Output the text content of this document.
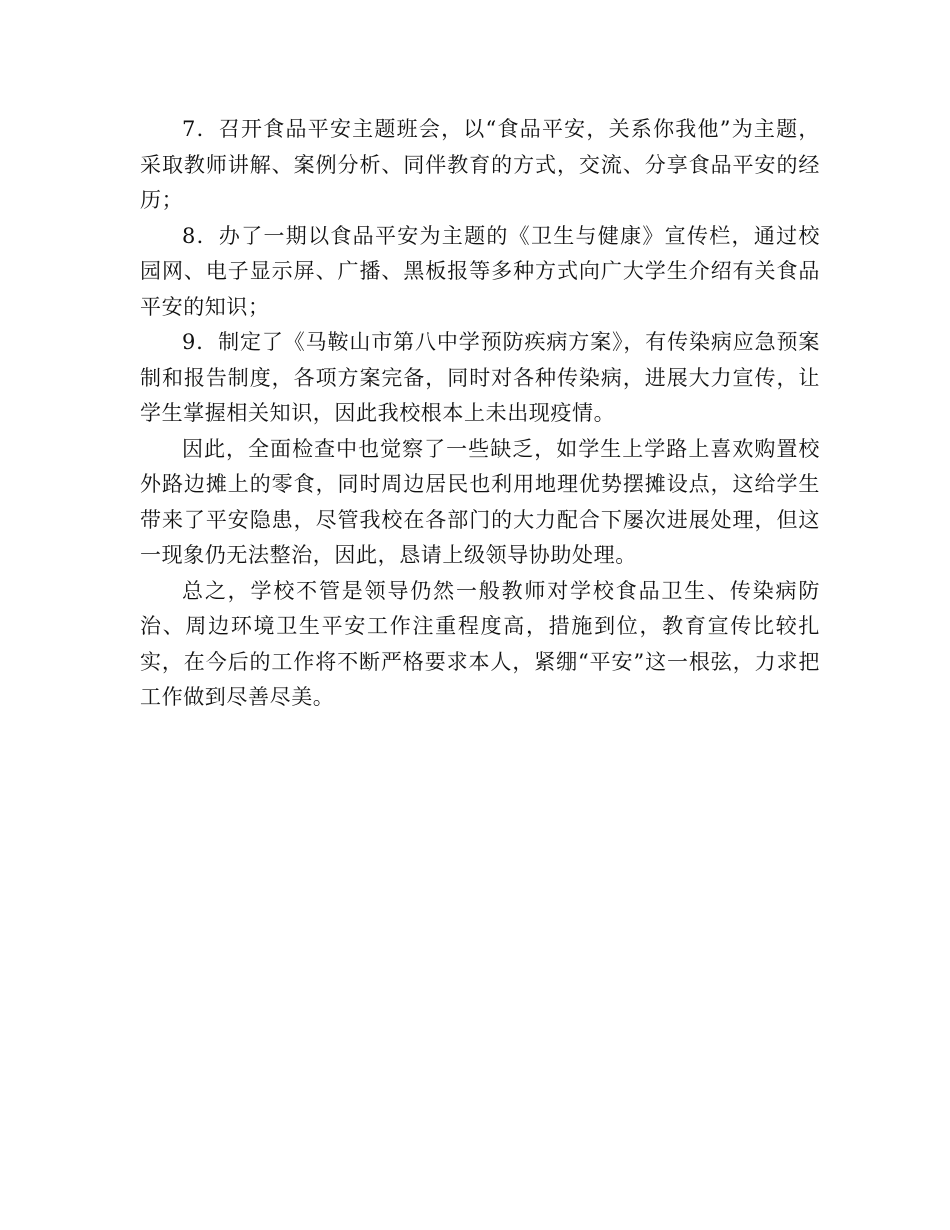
7．召开食品平安主题班会，以“食品平安，关系你我他”为主题，采取教师讲解、案例分析、同伴教育的方式，交流、分享食品平安的经历；

8．办了一期以食品平安为主题的《卫生与健康》宣传栏，通过校园网、电子显示屏、广播、黑板报等多种方式向广大学生介绍有关食品平安的知识；

9．制定了《马鞍山市第八中学预防疾病方案》，有传染病应急预案制和报告制度，各项方案完备，同时对各种传染病，进展大力宣传，让学生掌握相关知识，因此我校根本上未出现疫情。

因此，全面检查中也觉察了一些缺乏，如学生上学路上喜欢购置校外路边摊上的零食，同时周边居民也利用地理优势摆摊设点，这给学生带来了平安隐患，尽管我校在各部门的大力配合下屡次进展处理，但这一现象仍无法整治，因此，恳请上级领导协助处理。

总之，学校不管是领导仍然一般教师对学校食品卫生、传染病防治、周边环境卫生平安工作注重程度高，措施到位，教育宣传比较扎实，在今后的工作将不断严格要求本人，紧绷“平安”这一根弦，力求把工作做到尽善尽美。
